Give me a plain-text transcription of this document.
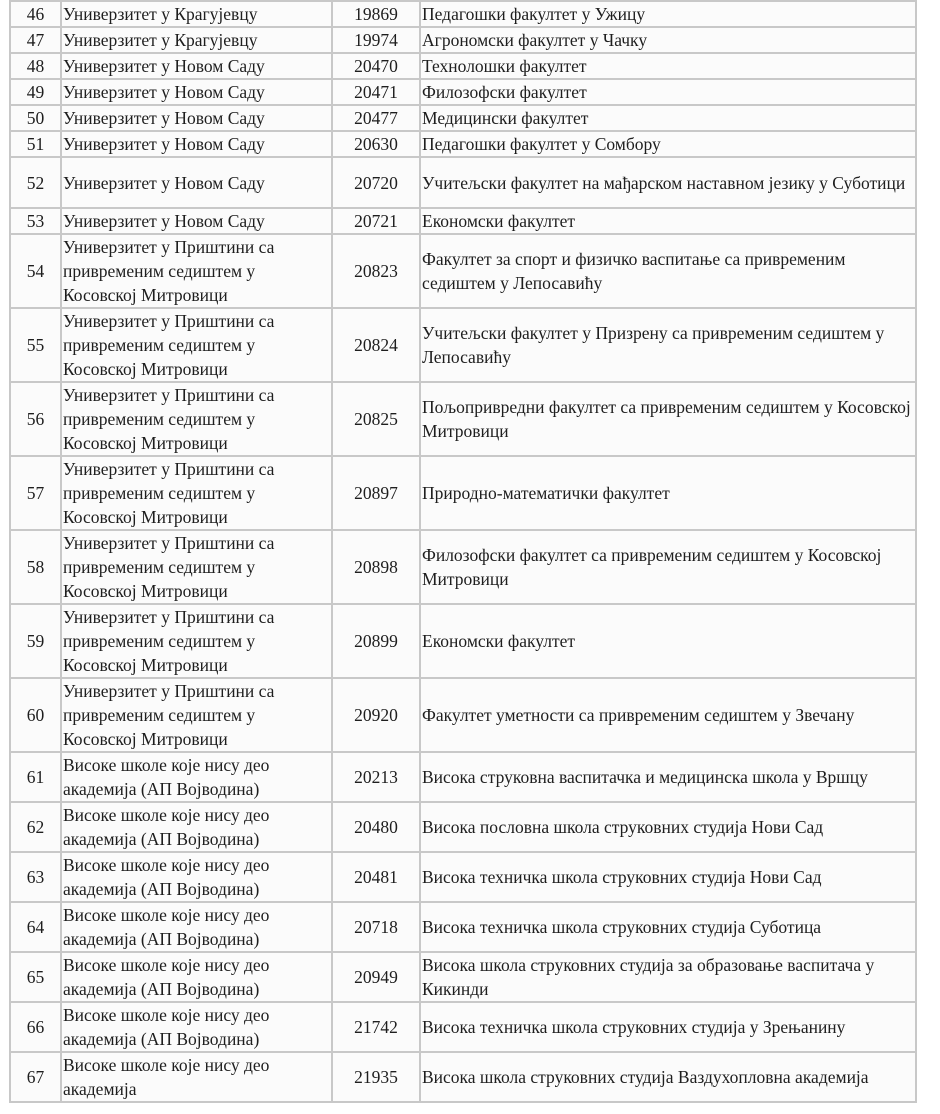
46	Универзитет у Крагујевцу	19869	Педагошки факултет у Ужицу
47	Универзитет у Крагујевцу	19974	Агрономски факултет у Чачку
48	Универзитет у Новом Саду	20470	Технолошки факултет
49	Универзитет у Новом Саду	20471	Филозофски факултет
50	Универзитет у Новом Саду	20477	Медицински факултет
51	Универзитет у Новом Саду	20630	Педагошки факултет у Сомбору
52	Универзитет у Новом Саду	20720	Учитељски факултет на мађарском наставном језику у Суботици
53	Универзитет у Новом Саду	20721	Економски факултет
54	Универзитет у Приштини са привременим седиштем у Косовској Митровици	20823	Факултет за спорт и физичко васпитање са привременим седиштем у Лепосавићу
55	Универзитет у Приштини са привременим седиштем у Косовској Митровици	20824	Учитељски факултет у Призрену са привременим седиштем у Лепосавићу
56	Универзитет у Приштини са привременим седиштем у Косовској Митровици	20825	Пољопривредни факултет са привременим седиштем у Косовској Митровици
57	Универзитет у Приштини са привременим седиштем у Косовској Митровици	20897	Природно-математички факултет
58	Универзитет у Приштини са привременим седиштем у Косовској Митровици	20898	Филозофски факултет са привременим седиштем у Косовској Митровици
59	Универзитет у Приштини са привременим седиштем у Косовској Митровици	20899	Економски факултет
60	Универзитет у Приштини са привременим седиштем у Косовској Митровици	20920	Факултет уметности са привременим седиштем у Звечану
61	Високе школе које нису део академија (АП Војводина)	20213	Висока струковна васпитачка и медицинска школа у Вршцу
62	Високе школе које нису део академија (АП Војводина)	20480	Висока пословна школа струковних студија Нови Сад
63	Високе школе које нису део академија (АП Војводина)	20481	Висока техничка школа струковних студија Нови Сад
64	Високе школе које нису део академија (АП Војводина)	20718	Висока техничка школа струковних студија Суботица
65	Високе школе које нису део академија (АП Војводина)	20949	Висока школа струковних студија за образовање васпитача у Кикинди
66	Високе школе које нису део академија (АП Војводина)	21742	Висока техничка школа струковних студија у Зрењанину
67	Високе школе које нису део академија	21935	Висока школа струковних студија Ваздухопловна академија
